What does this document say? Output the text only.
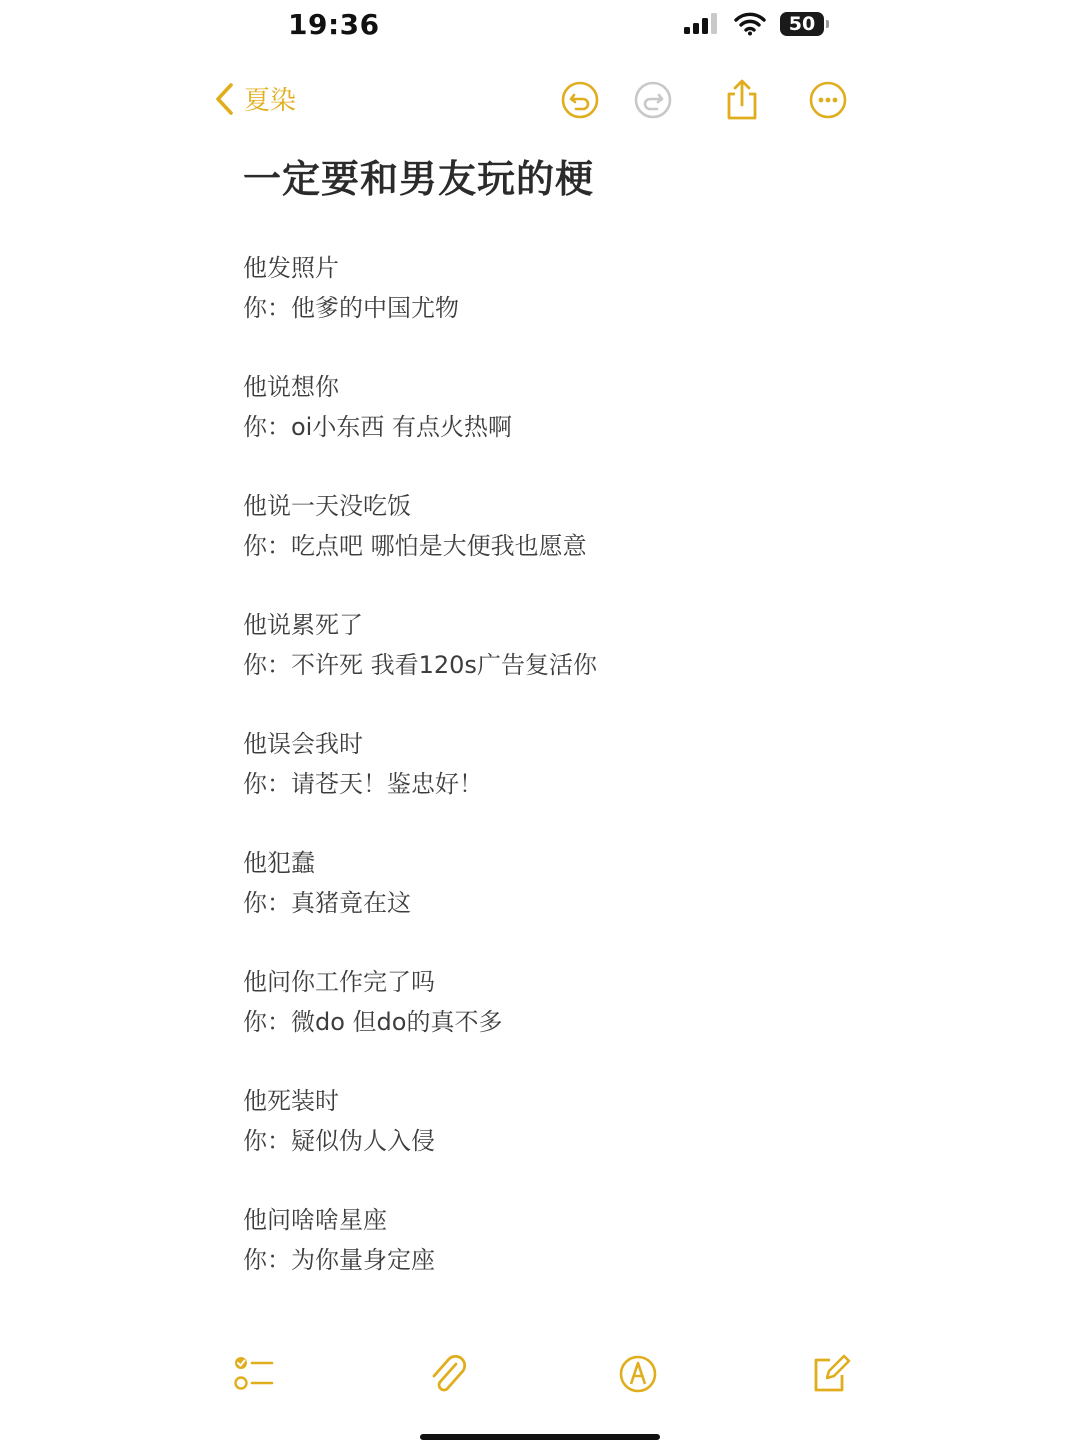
19:36	50
夏染
一定要和男友玩的梗
他发照片
你：他爹的中国尤物
他说想你
你：oi小东西 有点火热啊
他说一天没吃饭
你：吃点吧 哪怕是大便我也愿意
他说累死了
你：不许死 我看120s广告复活你
他误会我时
你：请苍天！鉴忠好！
他犯蠢
你：真猪竟在这
他问你工作完了吗
你：微do 但do的真不多
他死装时
你：疑似伪人入侵
他问啥啥星座
你：为你量身定座
